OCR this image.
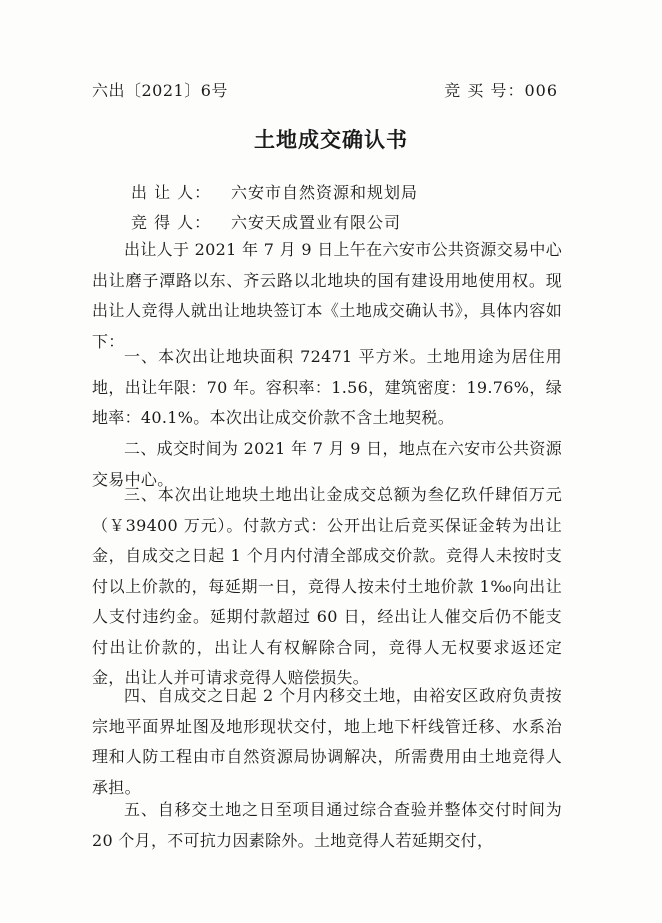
六出〔2021〕6号	竞 买 号：006
土地成交确认书
出 让 人： 六安市自然资源和规划局
竞 得 人： 六安天成置业有限公司

出让人于 2021 年 7 月 9 日上午在六安市公共资源交易中心出让磨子潭路以东、齐云路以北地块的国有建设用地使用权。现出让人竞得人就出让地块签订本《土地成交确认书》，具体内容如下：

一、本次出让地块面积 72471 平方米。土地用途为居住用地，出让年限：70 年。容积率：1.56，建筑密度：19.76%，绿地率：40.1%。本次出让成交价款不含土地契税。

二、成交时间为 2021 年 7 月 9 日，地点在六安市公共资源交易中心。

三、本次出让地块土地出让金成交总额为叁亿玖仟肆佰万元（￥39400 万元）。付款方式：公开出让后竞买保证金转为出让金，自成交之日起 1 个月内付清全部成交价款。竞得人未按时支付以上价款的，每延期一日，竞得人按未付土地价款 1‰向出让人支付违约金。延期付款超过 60 日，经出让人催交后仍不能支付出让价款的，出让人有权解除合同，竞得人无权要求返还定金，出让人并可请求竞得人赔偿损失。

四、自成交之日起 2 个月内移交土地，由裕安区政府负责按宗地平面界址图及地形现状交付，地上地下杆线管迁移、水系治理和人防工程由市自然资源局协调解决，所需费用由土地竞得人承担。

五、自移交土地之日至项目通过综合查验并整体交付时间为 20 个月，不可抗力因素除外。土地竞得人若延期交付，
